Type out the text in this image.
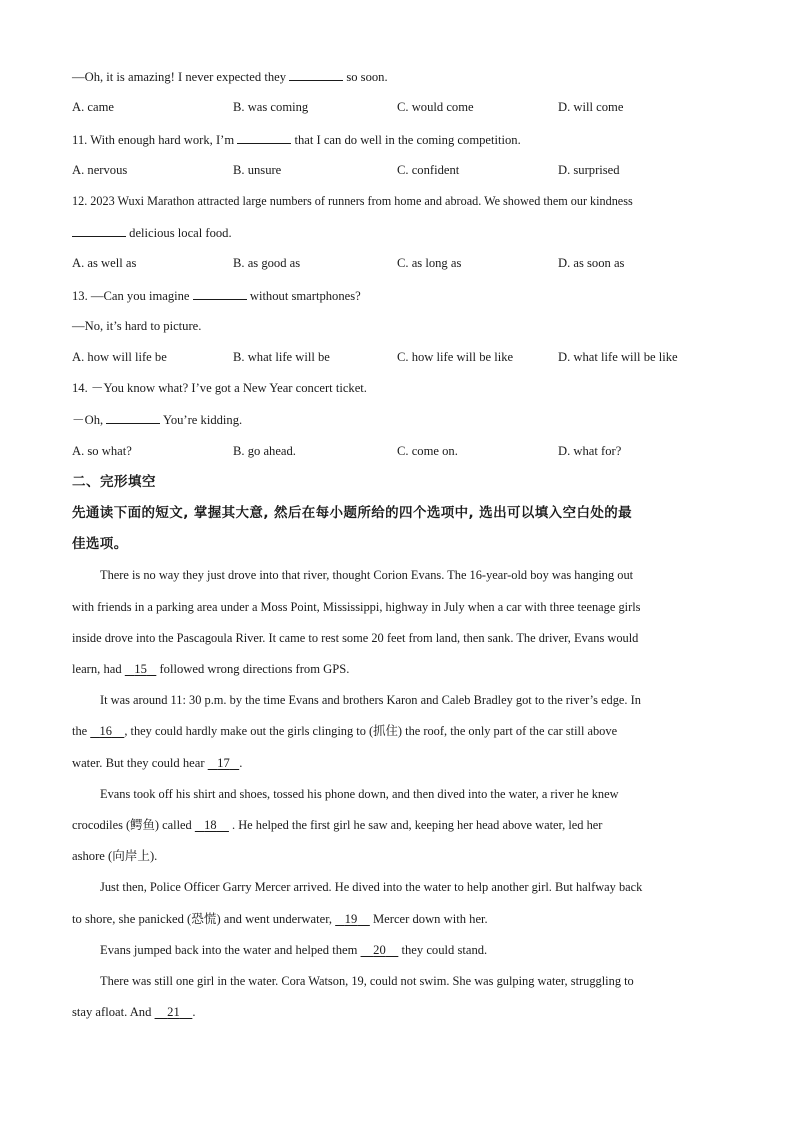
—Oh, it is amazing! I never expected they	so soon.
A. came	B. was coming	C. would come	D. will come
11. With enough hard work, I’m	that I can do well in the coming competition.
A. nervous	B. unsure	C. confident	D. surprised
12. 2023 Wuxi Marathon attracted large numbers of runners from home and abroad. We showed them our kindness
delicious local food.
A. as well as	B. as good as	C. as long as	D. as soon as
13. —Can you imagine	without smartphones?
—No, it’s hard to picture.
A. how will life be	B. what life will be	C. how life will be like	D. what life will be like
14. －You know what? I’ve got a New Year concert ticket.
－Oh,	You’re kidding.
A. so what?	B. go ahead.	C. come on.	D. what for?
二、完形填空
先通读下面的短文, 掌握其大意, 然后在每小题所给的四个选项中, 选出可以填入空白处的最
佳选项。
There is no way they just drove into that river, thought Corion Evans. The 16-year-old boy was hanging out
with friends in a parking area under a Moss Point, Mississippi, highway in July when a car with three teenage girls
inside drove into the Pascagoula River. It came to rest some 20 feet from land, then sank. The driver, Evans would
learn, had 15 followed wrong directions from GPS.
It was around 11: 30 p.m. by the time Evans and brothers Karon and Caleb Bradley got to the river’s edge. In
the 16 , they could hardly make out the girls clinging to (抓住) the roof, the only part of the car still above
water. But they could hear 17 .
Evans took off his shirt and shoes, tossed his phone down, and then dived into the water, a river he knew
crocodiles (鳄鱼) called 18 . He helped the first girl he saw and, keeping her head above water, led her
ashore (向岸上).
Just then, Police Officer Garry Mercer arrived. He dived into the water to help another girl. But halfway back
to shore, she panicked (恐慌) and went underwater, 19 Mercer down with her.
Evans jumped back into the water and helped them 20 they could stand.
There was still one girl in the water. Cora Watson, 19, could not swim. She was gulping water, struggling to
stay afloat. And 21 .
